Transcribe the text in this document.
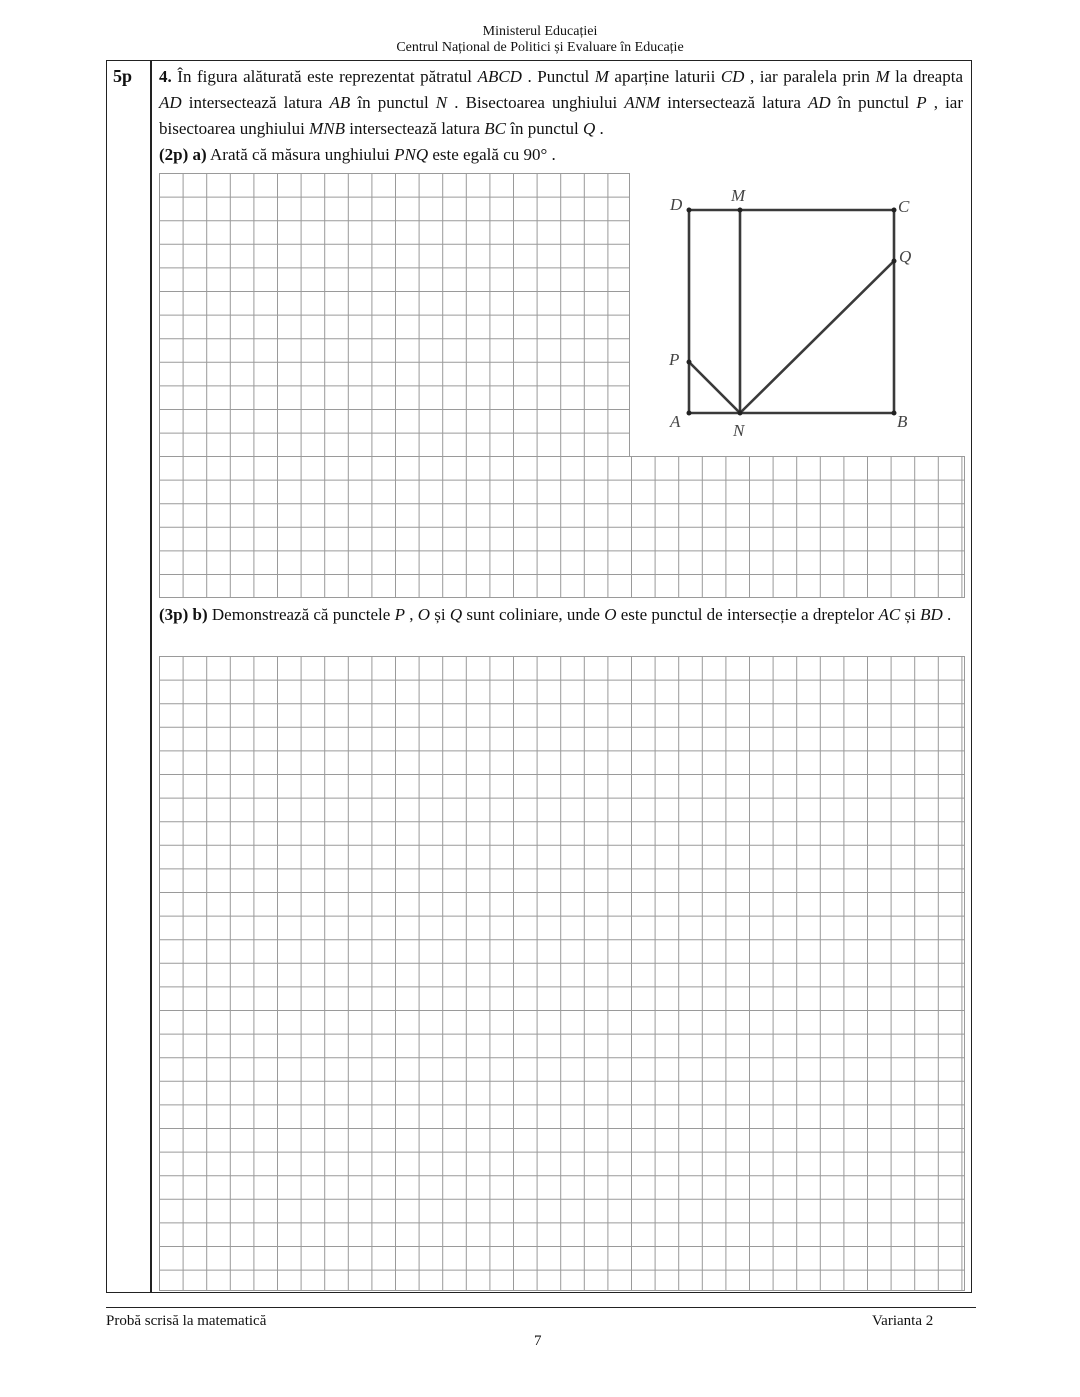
Ministerul Educației
Centrul Național de Politici și Evaluare în Educație
5p 4. În figura alăturată este reprezentat pătratul ABCD . Punctul M aparține laturii CD , iar paralela prin M la dreapta AD intersectează latura AB în punctul N . Bisectoarea unghiului ANM intersectează latura AD în punctul P , iar bisectoarea unghiului MNB intersectează latura BC în punctul Q .
(2p) a) Arată că măsura unghiului PNQ este egală cu 90° .
D	M
C
Q
P
A	N	B
(3p) b) Demonstrează că punctele P , O și Q sunt coliniare, unde O este punctul de intersecție a dreptelor AC și BD .
Probă scrisă la matematică	Varianta 2
7
